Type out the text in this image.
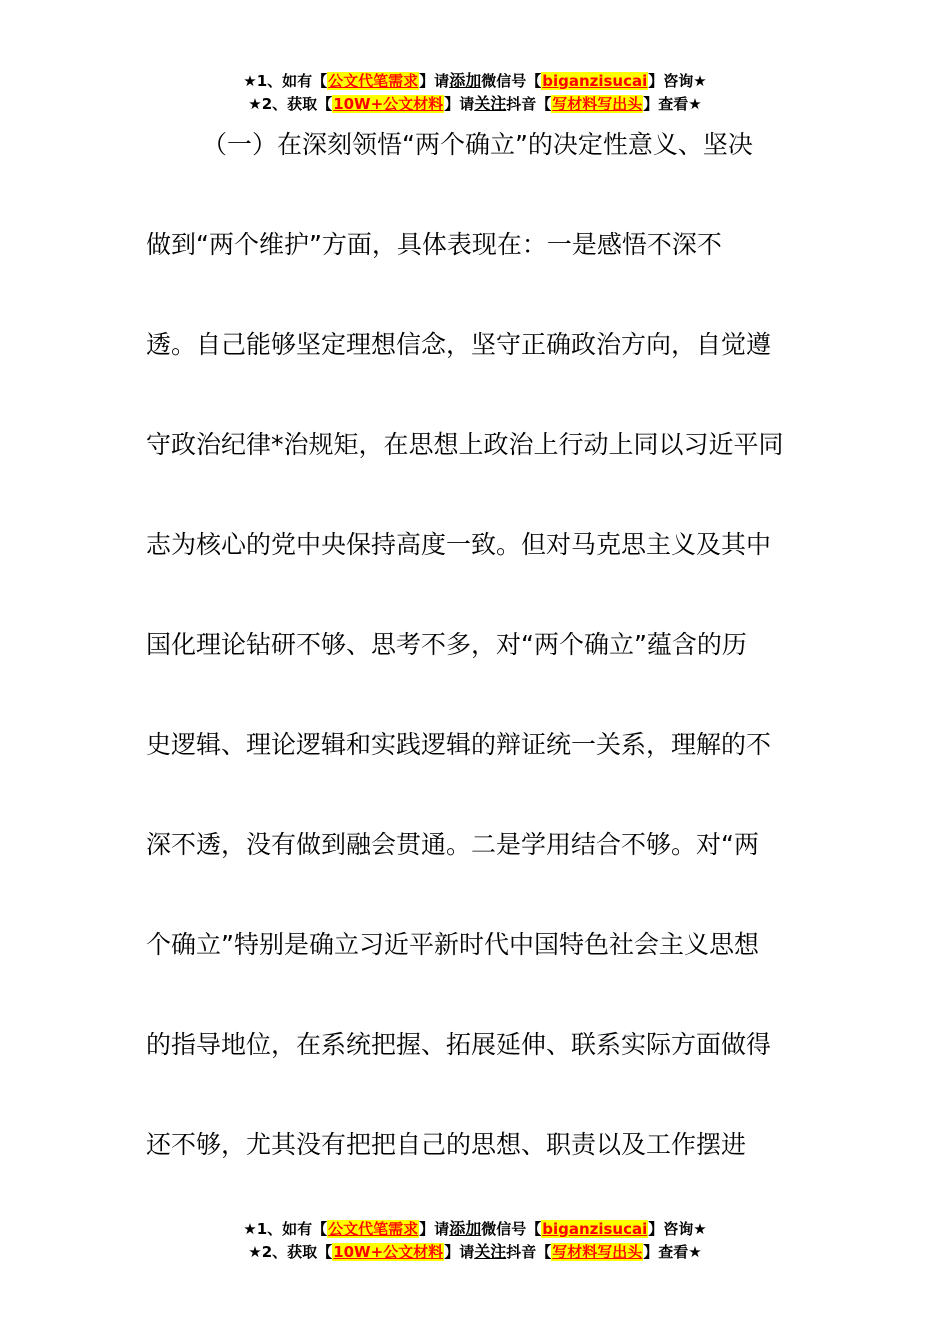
★1、如有【公文代笔需求】请添加微信号【biganzisucai】咨询★
★2、获取【10W+公文材料】请关注抖音【写材料写出头】查看★
（一）在深刻领悟“两个确立”的决定性意义、坚决
做到“两个维护”方面，具体表现在：一是感悟不深不
透。自己能够坚定理想信念，坚守正确政治方向，自觉遵
守政治纪律*治规矩，在思想上政治上行动上同以习近平同
志为核心的党中央保持高度一致。但对马克思主义及其中
国化理论钻研不够、思考不多，对“两个确立”蕴含的历
史逻辑、理论逻辑和实践逻辑的辩证统一关系，理解的不
深不透，没有做到融会贯通。二是学用结合不够。对“两
个确立”特别是确立习近平新时代中国特色社会主义思想
的指导地位，在系统把握、拓展延伸、联系实际方面做得
还不够，尤其没有把把自己的思想、职责以及工作摆进
★1、如有【公文代笔需求】请添加微信号【biganzisucai】咨询★
★2、获取【10W+公文材料】请关注抖音【写材料写出头】查看★
